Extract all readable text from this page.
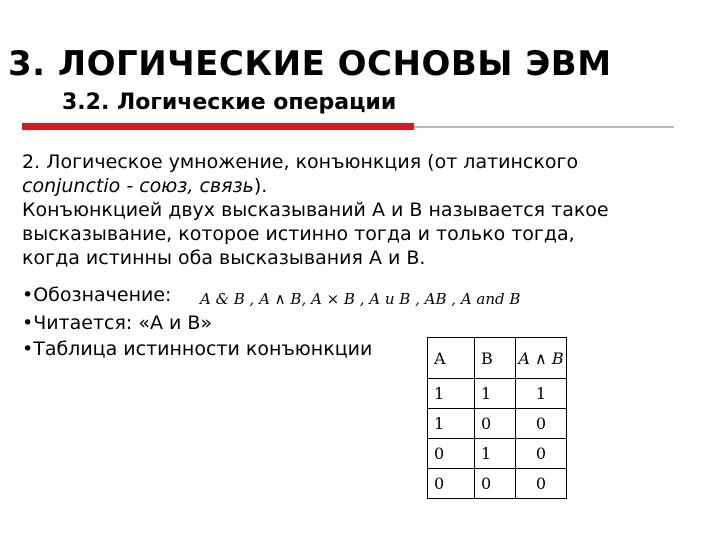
3. ЛОГИЧЕСКИЕ ОСНОВЫ ЭВМ
3.2. Логические операции
2. Логическое умножение, конъюнкция (от латинского
conjunctio - союз, связь).
Конъюнкцией двух высказываний А и В называется такое
высказывание, которое истинно тогда и только тогда,
когда истинны оба высказывания А и В.
•Обозначение: A & B , A ∧ B, A × B , A и B , AB , A and B
•Читается: «А и В»
•Таблица истинности конъюнкции	A	B	A ∧ B
1	1	1
1	0	0
0	1	0
0	0	0
